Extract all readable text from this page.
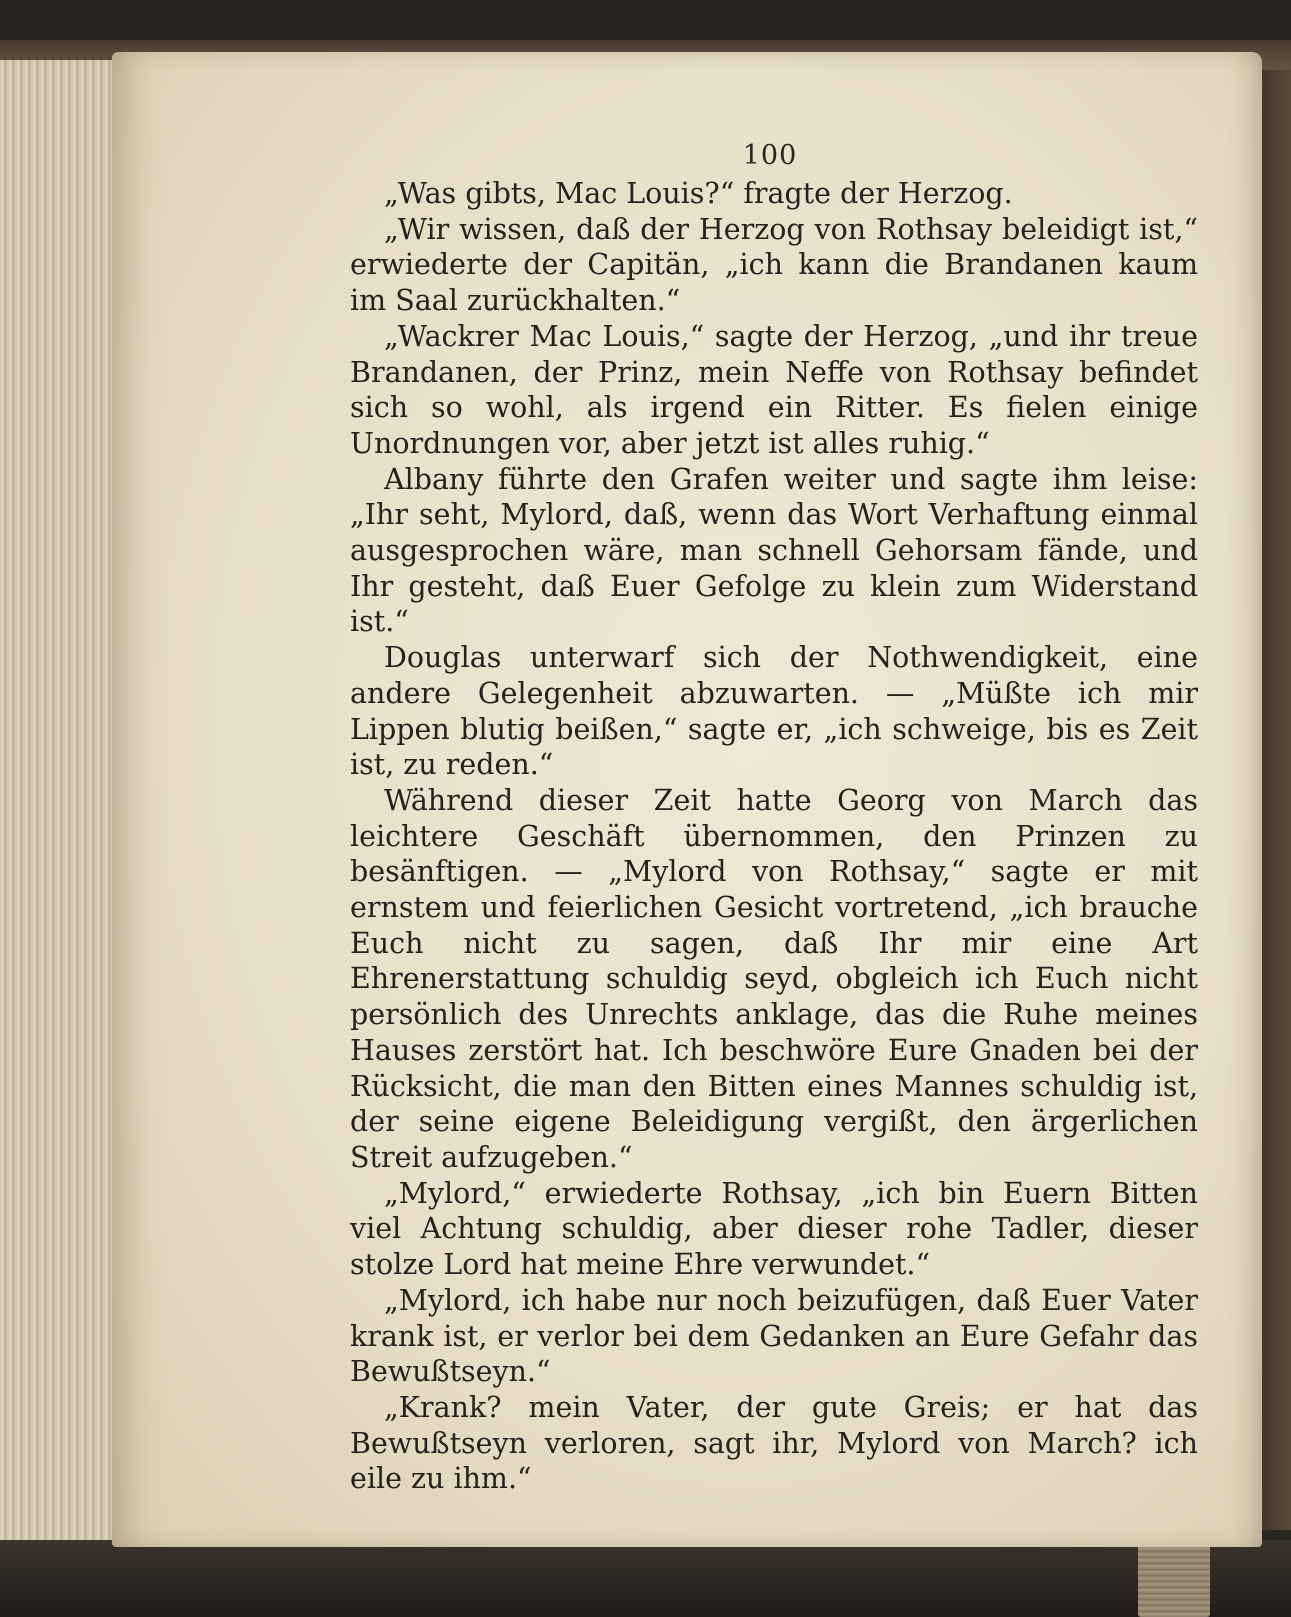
100

„Was gibts, Mac Louis?“ fragte der Herzog.

„Wir wissen, daß der Herzog von Rothsay beleidigt ist,“ erwiederte der Capitän, „ich kann die Brandanen kaum im Saal zurückhalten.“

„Wackrer Mac Louis,“ sagte der Herzog, „und ihr treue Brandanen, der Prinz, mein Neffe von Rothsay befindet sich so wohl, als irgend ein Ritter. Es fielen einige Unordnungen vor, aber jetzt ist alles ruhig.“

Albany führte den Grafen weiter und sagte ihm leise: „Ihr seht, Mylord, daß, wenn das Wort Verhaftung einmal ausgesprochen wäre, man schnell Gehorsam fände, und Ihr gesteht, daß Euer Gefolge zu klein zum Widerstand ist.“

Douglas unterwarf sich der Nothwendigkeit, eine andere Gelegenheit abzuwarten. — „Müßte ich mir Lippen blutig beißen,“ sagte er, „ich schweige, bis es Zeit ist, zu reden.“

Während dieser Zeit hatte Georg von March das leichtere Geschäft übernommen, den Prinzen zu besänftigen. — „Mylord von Rothsay,“ sagte er mit ernstem und feierlichen Gesicht vortretend, „ich brauche Euch nicht zu sagen, daß Ihr mir eine Art Ehrenerstattung schuldig seyd, obgleich ich Euch nicht persönlich des Unrechts anklage, das die Ruhe meines Hauses zerstört hat. Ich beschwöre Eure Gnaden bei der Rücksicht, die man den Bitten eines Mannes schuldig ist, der seine eigene Beleidigung vergißt, den ärgerlichen Streit aufzugeben.“

„Mylord,“ erwiederte Rothsay, „ich bin Euern Bitten viel Achtung schuldig, aber dieser rohe Tadler, dieser stolze Lord hat meine Ehre verwundet.“

„Mylord, ich habe nur noch beizufügen, daß Euer Vater krank ist, er verlor bei dem Gedanken an Eure Gefahr das Bewußtseyn.“

„Krank? mein Vater, der gute Greis; er hat das Bewußtseyn verloren, sagt ihr, Mylord von March? ich eile zu ihm.“
